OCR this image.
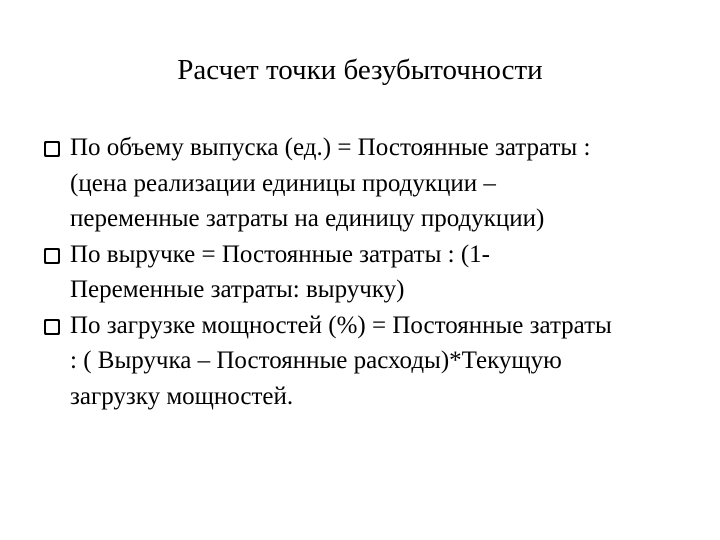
Расчет точки безубыточности
По объему выпуска (ед.) = Постоянные затраты :
(цена реализации единицы продукции –
переменные затраты на единицу продукции)
По выручке = Постоянные затраты : (1-
Переменные затраты: выручку)
По загрузке мощностей (%) = Постоянные затраты
: ( Выручка – Постоянные расходы)*Текущую
загрузку мощностей.
